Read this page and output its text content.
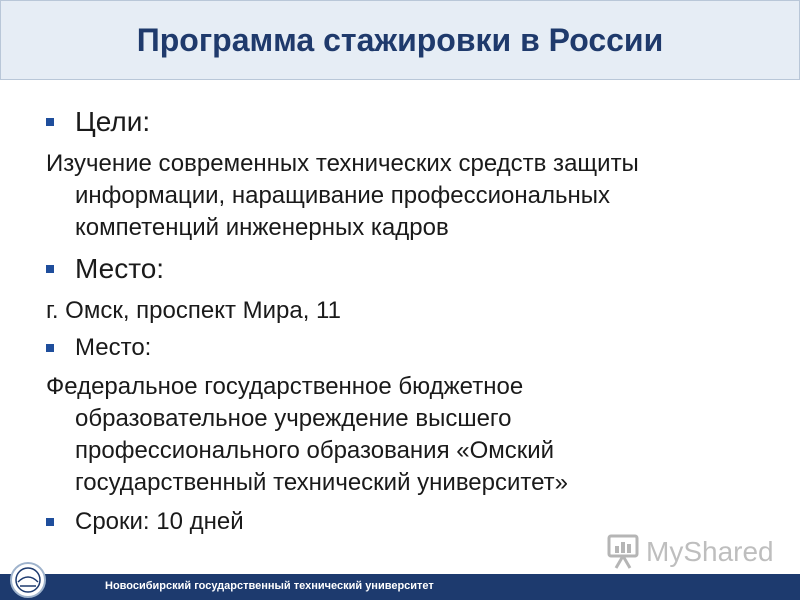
Программа стажировки в России
Цели:
Изучение современных технических средств защиты
информации, наращивание профессиональных
компетенций инженерных кадров
Место:
г. Омск, проспект Мира, 11
Место:
Федеральное государственное бюджетное
образовательное учреждение высшего
профессионального образования «Омский
государственный технический университет»
Сроки: 10 дней
MyShared
Новосибирский государственный технический университет
